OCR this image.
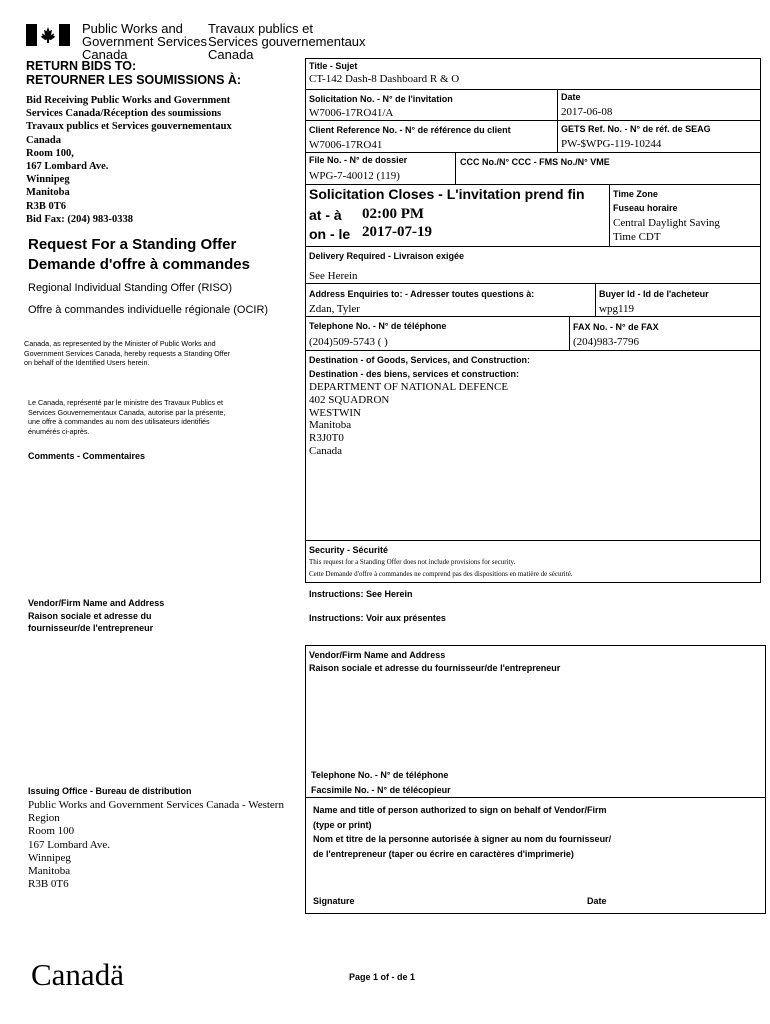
Public Works and
Government Services
Canada
Travaux publics et
Services gouvernementaux
Canada
RETURN BIDS TO:
RETOURNER LES SOUMISSIONS À:
Bid Receiving Public Works and Government
Services Canada/Réception des soumissions
Travaux publics et Services gouvernementaux
Canada
Room 100,
167 Lombard Ave.
Winnipeg
Manitoba
R3B 0T6
Bid Fax: (204) 983-0338
Request For a Standing Offer
Demande d'offre à commandes
Regional Individual Standing Offer (RISO)
Offre à commandes individuelle régionale (OCIR)
Canada, as represented by the Minister of Public Works and
Government Services Canada, hereby requests a Standing Offer
on behalf of the Identified Users herein.
Le Canada, représenté par le ministre des Travaux Publics et
Services Gouvernementaux Canada, autorise par la présente,
une offre à commandes au nom des utilisateurs identifiés
énumérés ci-après.
Comments - Commentaires
Vendor/Firm Name and Address
Raison sociale et adresse du
fournisseur/de l'entrepreneur
Issuing Office - Bureau de distribution
Public Works and Government Services Canada - Western
Region
Room 100
167 Lombard Ave.
Winnipeg
Manitoba
R3B 0T6
Title - Sujet
CT-142 Dash-8 Dashboard R & O
Solicitation No. - N° de l'invitation
W7006-17RO41/A
Date
2017-06-08
Client Reference No. - N° de référence du client
W7006-17RO41
GETS Ref. No. - N° de réf. de SEAG
PW-$WPG-119-10244
File No. - N° de dossier
WPG-7-40012 (119)
CCC No./N° CCC - FMS No./N° VME
Solicitation Closes - L'invitation prend fin
at - à 02:00 PM
on - le 2017-07-19
Time Zone
Fuseau horaire
Central Daylight Saving
Time CDT
Delivery Required - Livraison exigée
See Herein
Address Enquiries to: - Adresser toutes questions à:
Zdan, Tyler
Buyer Id - Id de l'acheteur
wpg119
Telephone No. - N° de téléphone
(204)509-5743 ( )
FAX No. - N° de FAX
(204)983-7796
Destination - of Goods, Services, and Construction:
Destination - des biens, services et construction:
DEPARTMENT OF NATIONAL DEFENCE
402 SQUADRON
WESTWIN
Manitoba
R3J0T0
Canada
Security - Sécurité
This request for a Standing Offer does not include provisions for security.
Cette Demande d'offre à commandes ne comprend pas des dispositions en matière de sécurité.
Instructions: See Herein
Instructions: Voir aux présentes
Vendor/Firm Name and Address
Raison sociale et adresse du fournisseur/de l'entrepreneur
Telephone No. - N° de téléphone
Facsimile No. - N° de télécopieur
Name and title of person authorized to sign on behalf of Vendor/Firm
(type or print)
Nom et titre de la personne autorisée à signer au nom du fournisseur/
de l'entrepreneur (taper ou écrire en caractères d'imprimerie)
Signature	Date
Canadä	Page 1 of - de 1
